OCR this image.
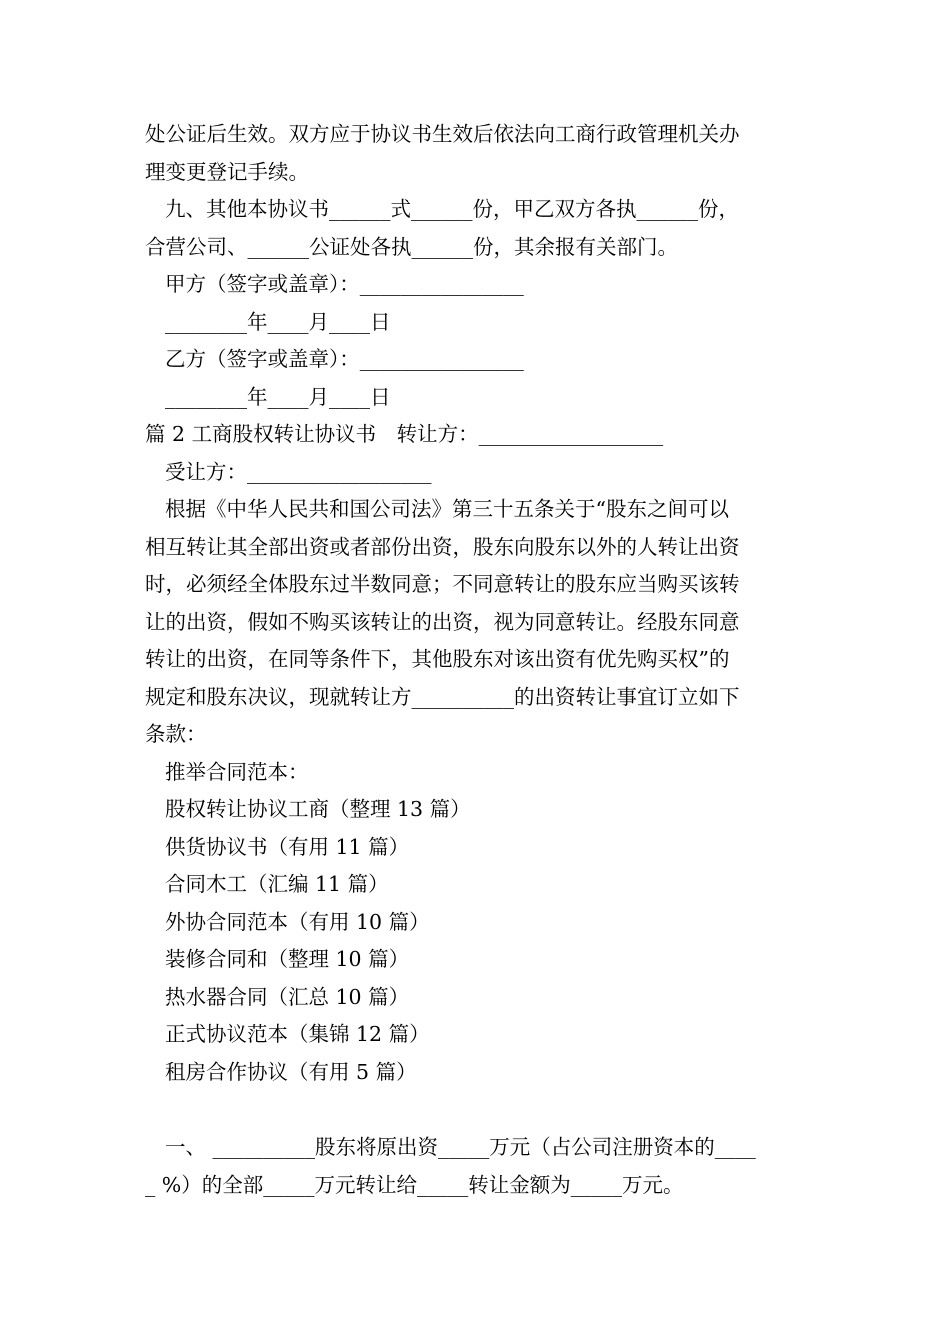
处公证后生效。双方应于协议书生效后依法向工商行政管理机关办
理变更登记手续。
九、其他本协议书______式______份，甲乙双方各执______份，
合营公司、______公证处各执______份，其余报有关部门。
甲方（签字或盖章）：________________
________年____月____日
乙方（签字或盖章）：________________
________年____月____日
篇 2 工商股权转让协议书　转让方：__________________
受让方：__________________
根据《中华人民共和国公司法》第三十五条关于“股东之间可以
相互转让其全部出资或者部份出资，股东向股东以外的人转让出资
时，必须经全体股东过半数同意；不同意转让的股东应当购买该转
让的出资，假如不购买该转让的出资，视为同意转让。经股东同意
转让的出资，在同等条件下，其他股东对该出资有优先购买权”的
规定和股东决议，现就转让方__________的出资转让事宜订立如下
条款：
推举合同范本：
股权转让协议工商（整理 13 篇）
供货协议书（有用 11 篇）
合同木工（汇编 11 篇）
外协合同范本（有用 10 篇）
装修合同和（整理 10 篇）
热水器合同（汇总 10 篇）
正式协议范本（集锦 12 篇）
租房合作协议（有用 5 篇）
一、 __________股东将原出资_____万元（占公司注册资本的____
_ %）的全部_____万元转让给_____转让金额为_____万元。
